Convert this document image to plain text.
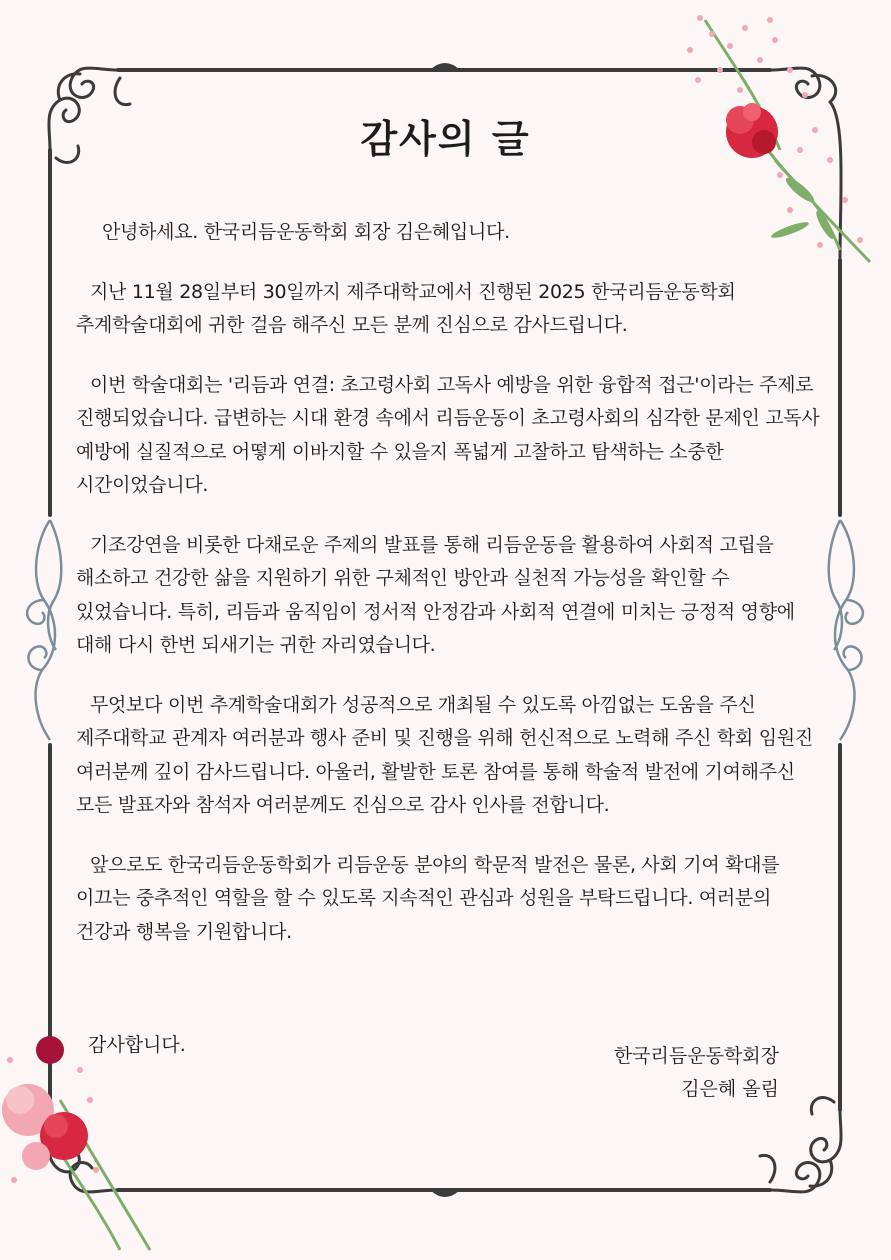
감사의 글

안녕하세요. 한국리듬운동학회 회장 김은혜입니다.

지난 11월 28일부터 30일까지 제주대학교에서 진행된 2025 한국리듬운동학회 추계학술대회에 귀한 걸음 해주신 모든 분께 진심으로 감사드립니다.

이번 학술대회는 '리듬과 연결: 초고령사회 고독사 예방을 위한 융합적 접근'이라는 주제로 진행되었습니다. 급변하는 시대 환경 속에서 리듬운동이 초고령사회의 심각한 문제인 고독사 예방에 실질적으로 어떻게 이바지할 수 있을지 폭넓게 고찰하고 탐색하는 소중한 시간이었습니다.

기조강연을 비롯한 다채로운 주제의 발표를 통해 리듬운동을 활용하여 사회적 고립을 해소하고 건강한 삶을 지원하기 위한 구체적인 방안과 실천적 가능성을 확인할 수 있었습니다. 특히, 리듬과 움직임이 정서적 안정감과 사회적 연결에 미치는 긍정적 영향에 대해 다시 한번 되새기는 귀한 자리였습니다.

무엇보다 이번 추계학술대회가 성공적으로 개최될 수 있도록 아낌없는 도움을 주신 제주대학교 관계자 여러분과 행사 준비 및 진행을 위해 헌신적으로 노력해 주신 학회 임원진 여러분께 깊이 감사드립니다. 아울러, 활발한 토론 참여를 통해 학술적 발전에 기여해주신 모든 발표자와 참석자 여러분께도 진심으로 감사 인사를 전합니다.

앞으로도 한국리듬운동학회가 리듬운동 분야의 학문적 발전은 물론, 사회 기여 확대를 이끄는 중추적인 역할을 할 수 있도록 지속적인 관심과 성원을 부탁드립니다. 여러분의 건강과 행복을 기원합니다.

감사합니다.	한국리듬운동학회장
김은혜 올림
